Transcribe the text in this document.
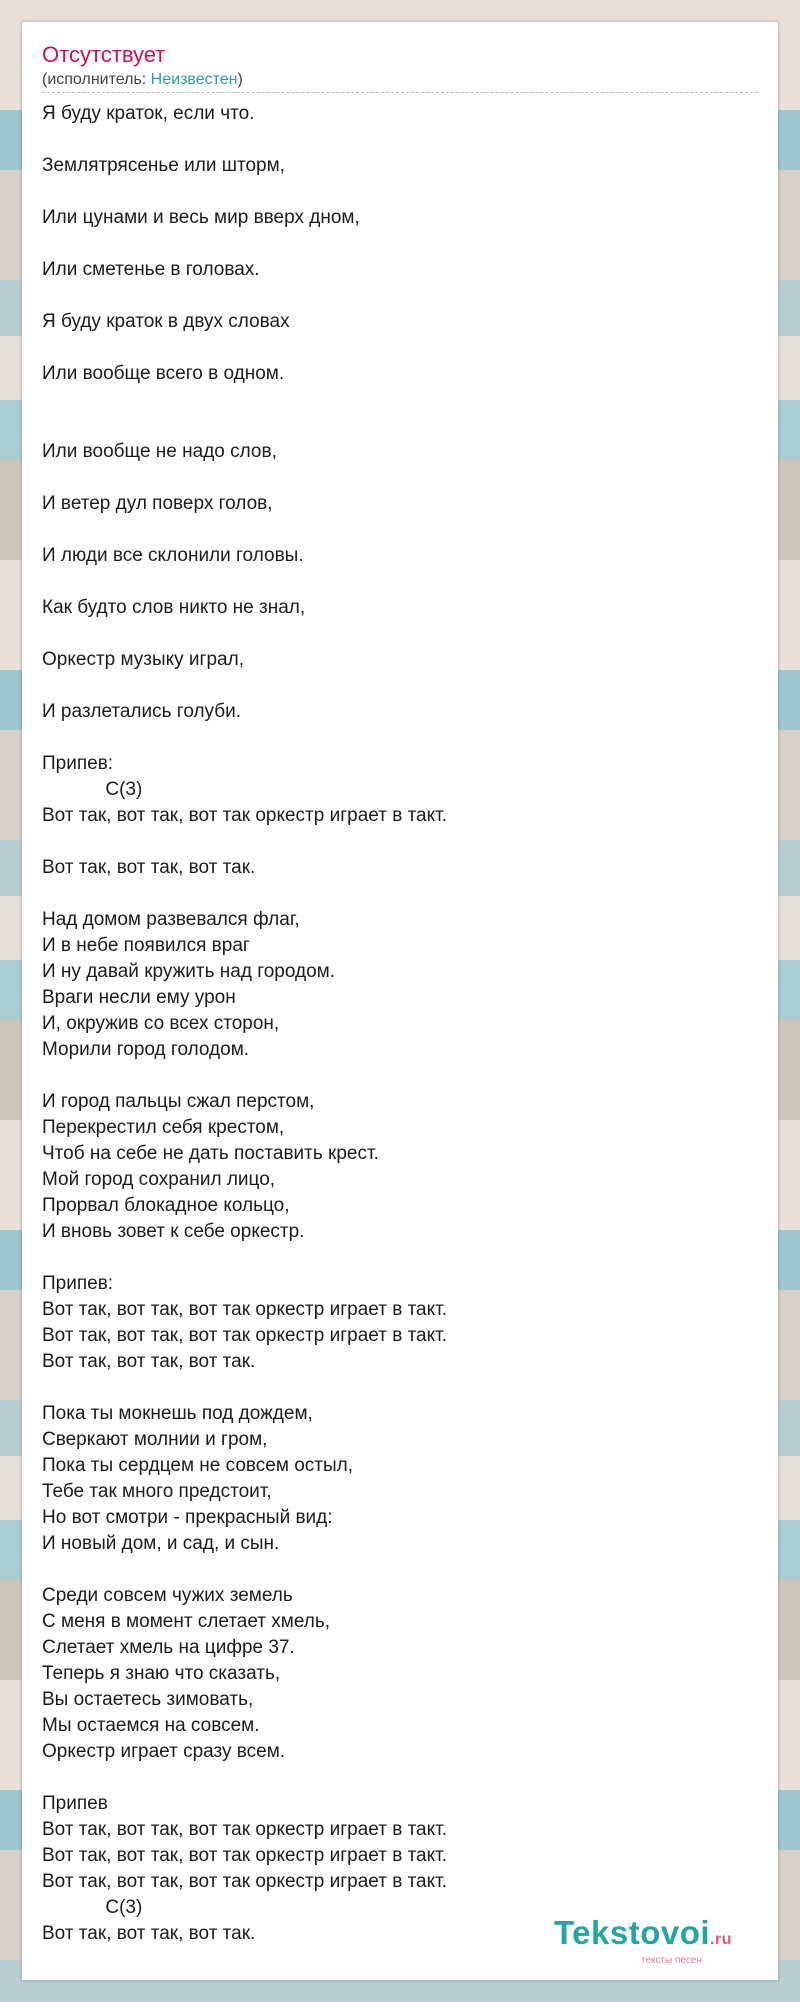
Отсутствует
(исполнитель: Неизвестен)
Я буду краток, если что.

Землятрясенье или шторм,

Или цунами и весь мир вверх дном,

Или сметенье в головах.

Я буду краток в двух словах

Или вообще всего в одном.

Или вообще не надо слов,

И ветер дул поверх голов,

И люди все склонили головы.

Как будто слов никто не знал,

Оркестр музыку играл,

И разлетались голуби.

Припев:
C(3)
Вот так, вот так, вот так оркестр играет в такт.

Вот так, вот так, вот так.

Над домом развевался флаг,
И в небе появился враг
И ну давай кружить над городом.
Враги несли ему урон
И, окружив со всех сторон,
Морили город голодом.

И город пальцы сжал перстом,
Перекрестил себя крестом,
Чтоб на себе не дать поставить крест.
Мой город сохранил лицо,
Прорвал блокадное кольцо,
И вновь зовет к себе оркестр.

Припев:
Вот так, вот так, вот так оркестр играет в такт.
Вот так, вот так, вот так оркестр играет в такт.
Вот так, вот так, вот так.

Пока ты мокнешь под дождем,
Сверкают молнии и гром,
Пока ты сердцем не совсем остыл,
Тебе так много предстоит,
Но вот смотри - прекрасный вид:
И новый дом, и сад, и сын.

Среди совсем чужих земель
С меня в момент слетает хмель,
Слетает хмель на цифре 37.
Теперь я знаю что сказать,
Вы остаетесь зимовать,
Мы остаемся на совсем.
Оркестр играет сразу всем.

Припев
Вот так, вот так, вот так оркестр играет в такт.
Вот так, вот так, вот так оркестр играет в такт.
Вот так, вот так, вот так оркестр играет в такт.
C(3)
Вот так, вот так, вот так.	Tekstovoi.ru
тексты песен
